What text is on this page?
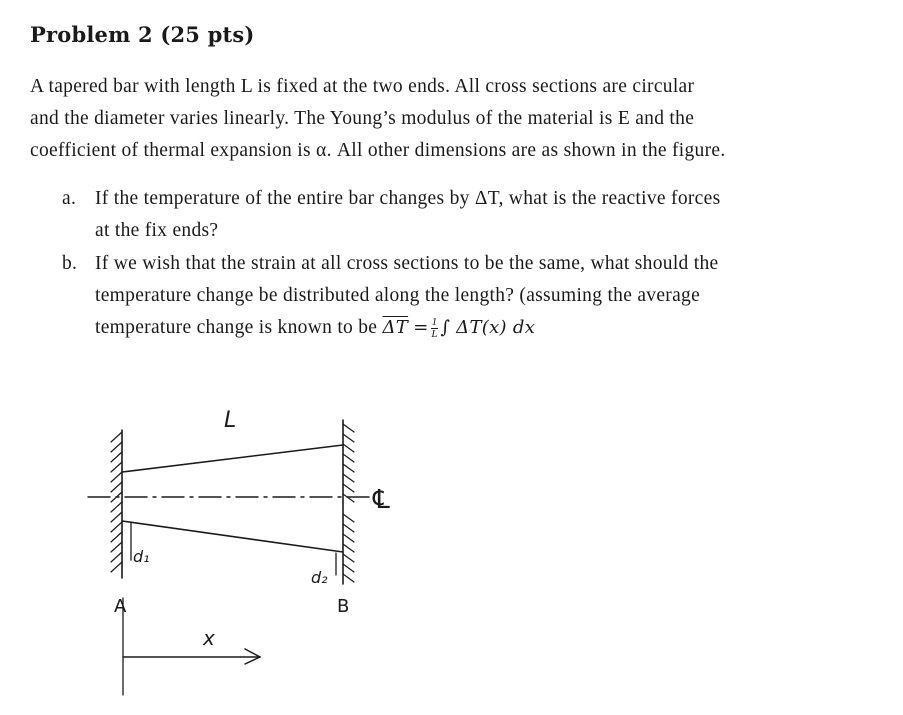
Problem 2 (25 pts)
A tapered bar with length L is fixed at the two ends. All cross sections are circular
and the diameter varies linearly. The Young’s modulus of the material is E and the
coefficient of thermal expansion is α. All other dimensions are as shown in the figure.
a. If the temperature of the entire bar changes by ΔT, what is the reactive forces
at the fix ends?
b. If we wish that the strain at all cross sections to be the same, what should the
temperature change be distributed along the length? (assuming the average
temperature change is known to be $\overline{\Delta T} = \frac{1}{L}$ ∫ ΔT(x) dx
L
d₁
d₂
A	B
℄
x
